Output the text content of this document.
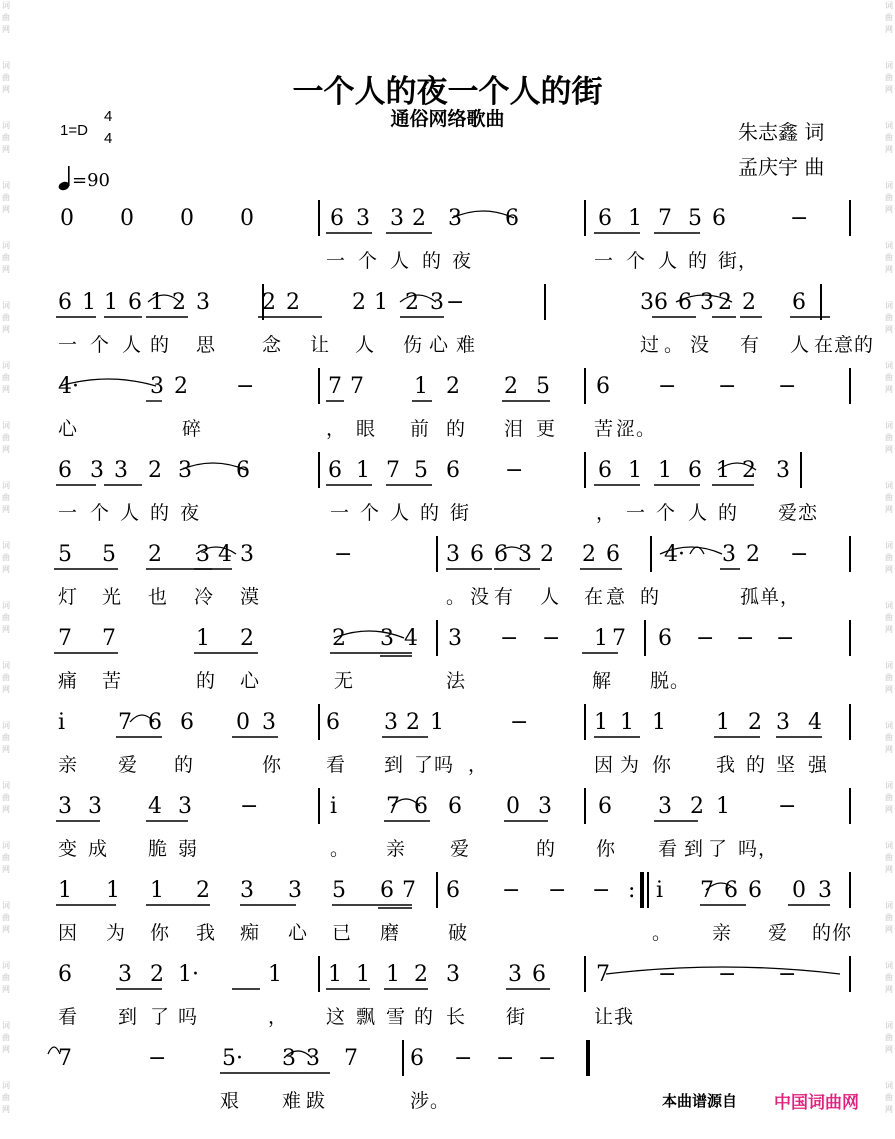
词
曲
网
词
曲
网
词
曲
网
词
曲
网
词
曲
网
词
曲
网
词
曲
网
词
曲
网
词
曲
网
词
曲
网
词
曲
网
词
曲
网
词
曲
网
词
曲
网
词
曲
网
词
曲
网
词
曲
网
词
曲
网
词
曲
网
词
曲
网
词
曲
网
词
曲
网
词
曲
网
词
曲
网
词
曲
网
词
曲
网
词
曲
网
词
曲
网
词
曲
网
词
曲
网
词
曲
网
词
曲
网
词
曲
网
词
曲
网
词
曲
网
词
曲
网
词
曲
网
词
曲
网
一个人的夜一个人的街
通俗网络歌曲
1=D
4
4
=90
朱志鑫 词
孟庆宇 曲
0 0 0 0	6 3 3 2 3 6	6 1 7 5 6	−
一 个 人 的 夜	一 个 人 的 街 ，
6 1 1 6 1 2 3 2 2 2 1 2 3 −	3 6 6 3 2 2 6
一 个 人 的 思 念 让 人 伤 心 难	过 。 没 有 人 在 意 的
4·	3 2 −	7 7 1 2 2 5 6 − − −
心	碎	， 眼 前 的 泪 更 苦 涩 。
6 3 3 2 3 6	6 1 7 5 6 −	6 1 1 6 1 2 3
一 个 人 的 夜	一 个 人 的 街	， 一 个 人 的 爱 恋
5 5 2 3 4 3	−	3 6 6 3 2 2 6 4· 3 2 −
灯 光 也 冷 漠	。 没 有 人 在 意 的	孤 单 ，
7 7	1 2	2 3 4 3 − − 1 7 6 − − −
痛 苦	的 心	无	法	解 脱 。
i 7 6 6 0 3 6 3 2 1	−	1 1 1 1 2 3 4
亲 爱 的	你 看 到 了 吗 ，	因 为 你 我 的 坚 强
3 3 4 3 −	i 7 6 6 0 3 6 3 2 1 −
变 成 脆 弱	。 亲 爱	的 你 看 到 了 吗 ，
1 1 1 2 3 3 5 6 7 6 − − − : i 7 6 6 0 3
因 为 你 我 痴 心 已 磨	破	。 亲 爱 的 你
6 3 2 1·	1 1 1 1 2 3 3 6 7 − − −
看 到 了 吗	， 这 飘 雪 的 长 街	让 我
7	−	5· 3 3 7 6 − − −
艰 难 跋	涉 。	本曲谱源自 中国词曲网
